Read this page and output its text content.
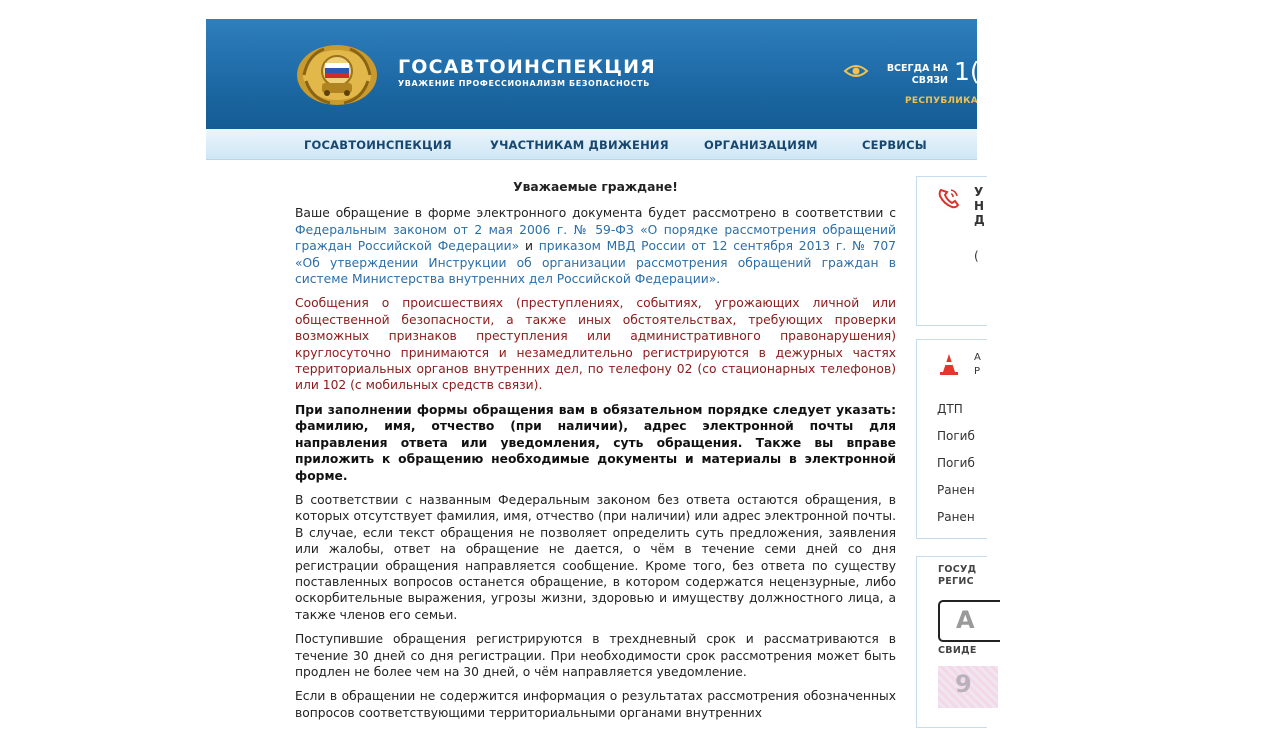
ГОСАВТОИНСПЕКЦИЯ
УВАЖЕНИЕ ПРОФЕССИОНАЛИЗМ БЕЗОПАСНОСТЬ
ВСЕГДА НА СВЯЗИ 1(
РЕСПУБЛИКА
ГОСАВТОИНСПЕКЦИЯ	УЧАСТНИКАМ ДВИЖЕНИЯ	ОРГАНИЗАЦИЯМ	СЕРВИСЫ

Уважаемые граждане!

Ваше обращение в форме электронного документа будет рассмотрено в соответствии с Федеральным законом от 2 мая 2006 г. № 59-ФЗ «О порядке рассмотрения обращений граждан Российской Федерации» и приказом МВД России от 12 сентября 2013 г. № 707 «Об утверждении Инструкции об организации рассмотрения обращений граждан в системе Министерства внутренних дел Российской Федерации».

Сообщения о происшествиях (преступлениях, событиях, угрожающих личной или общественной безопасности, а также иных обстоятельствах, требующих проверки возможных признаков преступления или административного правонарушения) круглосуточно принимаются и незамедлительно регистрируются в дежурных частях территориальных органов внутренних дел, по телефону 02 (со стационарных телефонов) или 102 (с мобильных средств связи).

При заполнении формы обращения вам в обязательном порядке следует указать: фамилию, имя, отчество (при наличии), адрес электронной почты для направления ответа или уведомления, суть обращения. Также вы вправе приложить к обращению необходимые документы и материалы в электронной форме.

В соответствии с названным Федеральным законом без ответа остаются обращения, в которых отсутствует фамилия, имя, отчество (при наличии) или адрес электронной почты. В случае, если текст обращения не позволяет определить суть предложения, заявления или жалобы, ответ на обращение не дается, о чём в течение семи дней со дня регистрации обращения направляется сообщение. Кроме того, без ответа по существу поставленных вопросов останется обращение, в котором содержатся нецензурные, либо оскорбительные выражения, угрозы жизни, здоровью и имуществу должностного лица, а также членов его семьи.

Поступившие обращения регистрируются в трехдневный срок и рассматриваются в течение 30 дней со дня регистрации. При необходимости срок рассмотрения может быть продлен не более чем на 30 дней, о чём направляется уведомление.

Если в обращении не содержится информация о результатах рассмотрения обозначенных вопросов соответствующими территориальными органами внутренних

У
Н
Д
(
А
Р
ДТП
Погиб
Погиб
Ранен
Ранен
ГОСУД
РЕГИС
А
СВИДЕ
9
